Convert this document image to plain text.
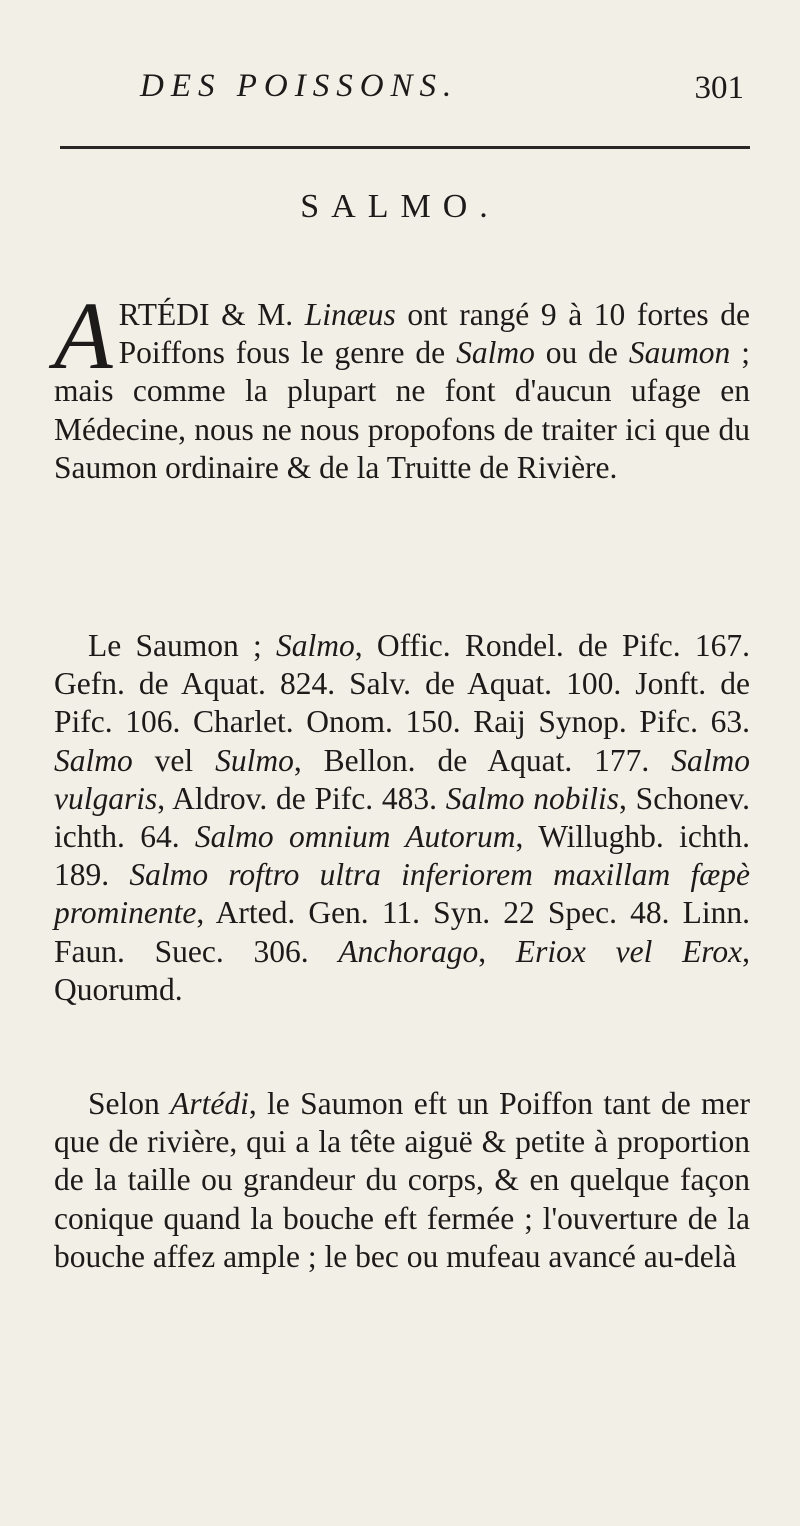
DES POISSONS.	301
SALMO.
ARTÉDI & M. Linæus ont rangé 9 à 10 fortes de Poiffons fous le genre de Salmo ou de Saumon ; mais comme la plupart ne font d'aucun ufage en Médecine, nous ne nous propofons de traiter ici que du Saumon ordinaire & de la Truitte de Rivière.
Le Saumon ; Salmo, Offic. Rondel. de Pifc. 167. Gefn. de Aquat. 824. Salv. de Aquat. 100. Jonft. de Pifc. 106. Charlet. Onom. 150. Raij Synop. Pifc. 63. Salmo vel Sulmo, Bellon. de Aquat. 177. Salmo vulgaris, Aldrov. de Pifc. 483. Salmo nobilis, Schonev. ichth. 64. Salmo omnium Autorum, Willughb. ichth. 189. Salmo roftro ultra inferiorem maxillam fæpè prominente, Arted. Gen. 11. Syn. 22 Spec. 48. Linn. Faun. Suec. 306. Anchorago, Eriox vel Erox, Quorumd.
Selon Artédi, le Saumon eft un Poiffon tant de mer que de rivière, qui a la tête aiguë & petite à proportion de la taille ou grandeur du corps, & en quelque façon conique quand la bouche eft fermée ; l'ouverture de la bouche affez ample ; le bec ou mufeau avancé au-delà
